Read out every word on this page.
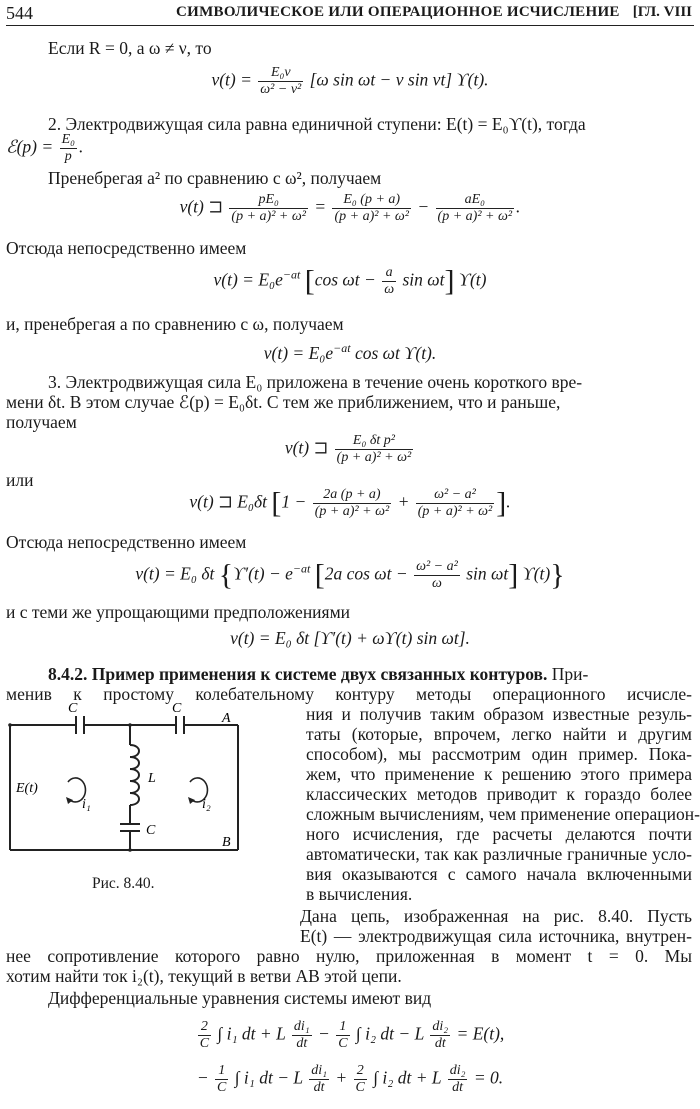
544	СИМВОЛИЧЕСКОЕ ИЛИ ОПЕРАЦИОННОЕ ИСЧИСЛЕНИЕ [ГЛ. VIII
Если R = 0, а ω ≠ ν, то
$v(t) = \frac{\text{E₀ν}}{\text{ω² − ν²}} [\omega$ sin ωt − ν sin νt] ϒ(t).
2. Электродвижущая сила равна единичной ступени: E(t) = E₀ϒ(t), тогда
ℰ(p) = $\frac{\text{E₀}}{p}$ .
Пренебрегая a² по сравнению с ω², получаем
v(t) ⊐ $\frac{\text{pE₀}}{\text{(p + a)² + ω²}} = \frac{\text{E₀ (p + a)}}{\text{(p + a)² + ω²}} - \frac{\text{aE₀}}{\text{(p + a)² + ω²}}$ .
Отсюда непосредственно имеем
$v(t) = E_0e^{-at}$ [cos $\omega t - \frac{a}{\omega}$ sin ωt] ϒ(t)
и, пренебрегая a по сравнению с ω, получаем
$v(t) = E_0e^{-at}$ cos ωt ϒ(t).
3. Электродвижущая сила E₀ приложена в течение очень короткого вре-
мени δt. В этом случае ℰ(p) = E₀δt. С тем же приближением, что и раньше,
получаем
v(t) ⊐ $\frac{\text{E₀ δt p²}}{\text{(p + a)² + ω²}}$
или
v(t) ⊐ E₀δt [$1 - \frac{2a (p + a)}{\text{(p + a)² + ω²}} + \frac{\text{ω² − a²}}{\text{(p + a)² + ω²}}$ ].
Отсюда непосредственно имеем
v(t) = E₀ δt {$ϒ'(t) - e^{-at}$ [2a $\cos \omega t - \frac{\text{ω² − a²}}{\omega}$ sin ωt] ϒ(t)}
и с теми же упрощающими предположениями
v(t) = E₀ δt [ϒ′(t) + ωϒ(t) sin ωt].
8.4.2. Пример применения к системе двух связанных контуров. При-
менив к простому колебательному контуру методы операционного исчисле-
ния и получив таким образом известные резуль-
таты (которые, впрочем, легко найти и другим
способом), мы рассмотрим один пример. Пока-
жем, что применение к решению этого примера
классических методов приводит к гораздо более
сложным вычислениям, чем применение операцион-
ного исчисления, где расчеты делаются почти
автоматически, так как различные граничные усло-
вия оказываются с самого начала включенными
в вычисления.
Дана цепь, изображенная на рис. 8.40. Пусть
E(t) — электродвижущая сила источника, внутрен-
нее сопротивление которого равно нулю, приложенная в момент t = 0. Мы
хотим найти ток i₂(t), текущий в ветви AB этой цепи.
Дифференциальные уравнения системы имеют вид
C	C
A
B
L
C
E(t)
i₁	i₂
Рис. 8.40.
$\frac{2}{C}$ ∫ i₁ dt + L $\frac{\text{di₁}}{dt} - \frac{1}{C}$ ∫ i₂ dt − L $\frac{\text{di₂}}{dt} = E(t)$,
− $\frac{1}{C}$ ∫ i₁ dt − L $\frac{\text{di₁}}{dt} + \frac{2}{C}$ ∫ i₂ dt + L $\frac{\text{di₂}}{dt} = 0$.
